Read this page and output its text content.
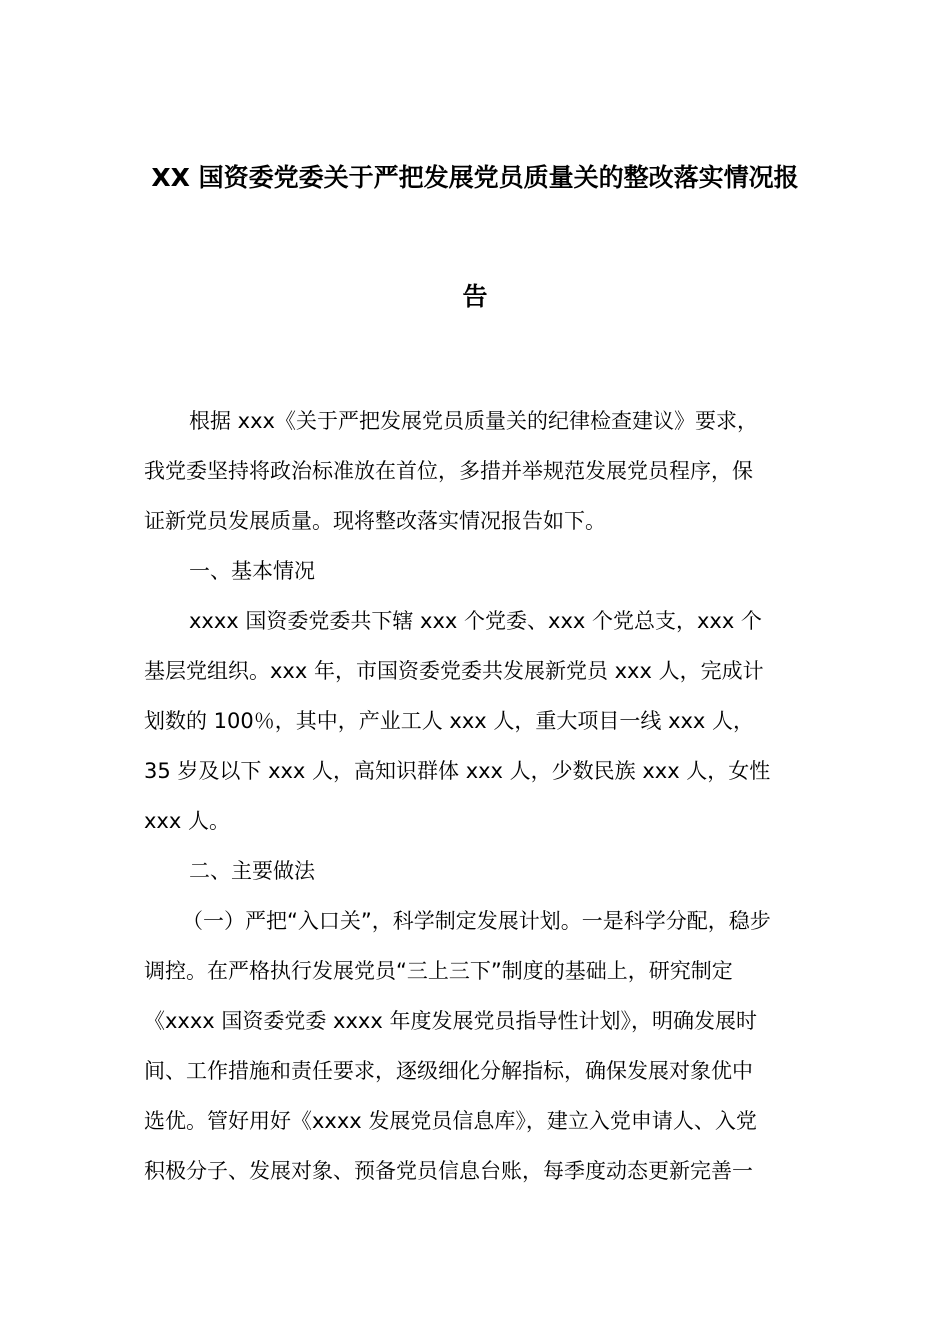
XX 国资委党委关于严把发展党员质量关的整改落实情况报
告
根据 xxx《关于严把发展党员质量关的纪律检查建议》要求，
我党委坚持将政治标准放在首位，多措并举规范发展党员程序，保
证新党员发展质量。现将整改落实情况报告如下。
一、基本情况
xxxx 国资委党委共下辖 xxx 个党委、xxx 个党总支，xxx 个
基层党组织。xxx 年，市国资委党委共发展新党员 xxx 人，完成计
划数的 100％，其中，产业工人 xxx 人，重大项目一线 xxx 人，
35 岁及以下 xxx 人，高知识群体 xxx 人，少数民族 xxx 人，女性
xxx 人。
二、主要做法
（一）严把“入口关”，科学制定发展计划。一是科学分配，稳步
调控。在严格执行发展党员“三上三下”制度的基础上，研究制定
《xxxx 国资委党委 xxxx 年度发展党员指导性计划》，明确发展时
间、工作措施和责任要求，逐级细化分解指标，确保发展对象优中
选优。管好用好《xxxx 发展党员信息库》，建立入党申请人、入党
积极分子、发展对象、预备党员信息台账，每季度动态更新完善一
